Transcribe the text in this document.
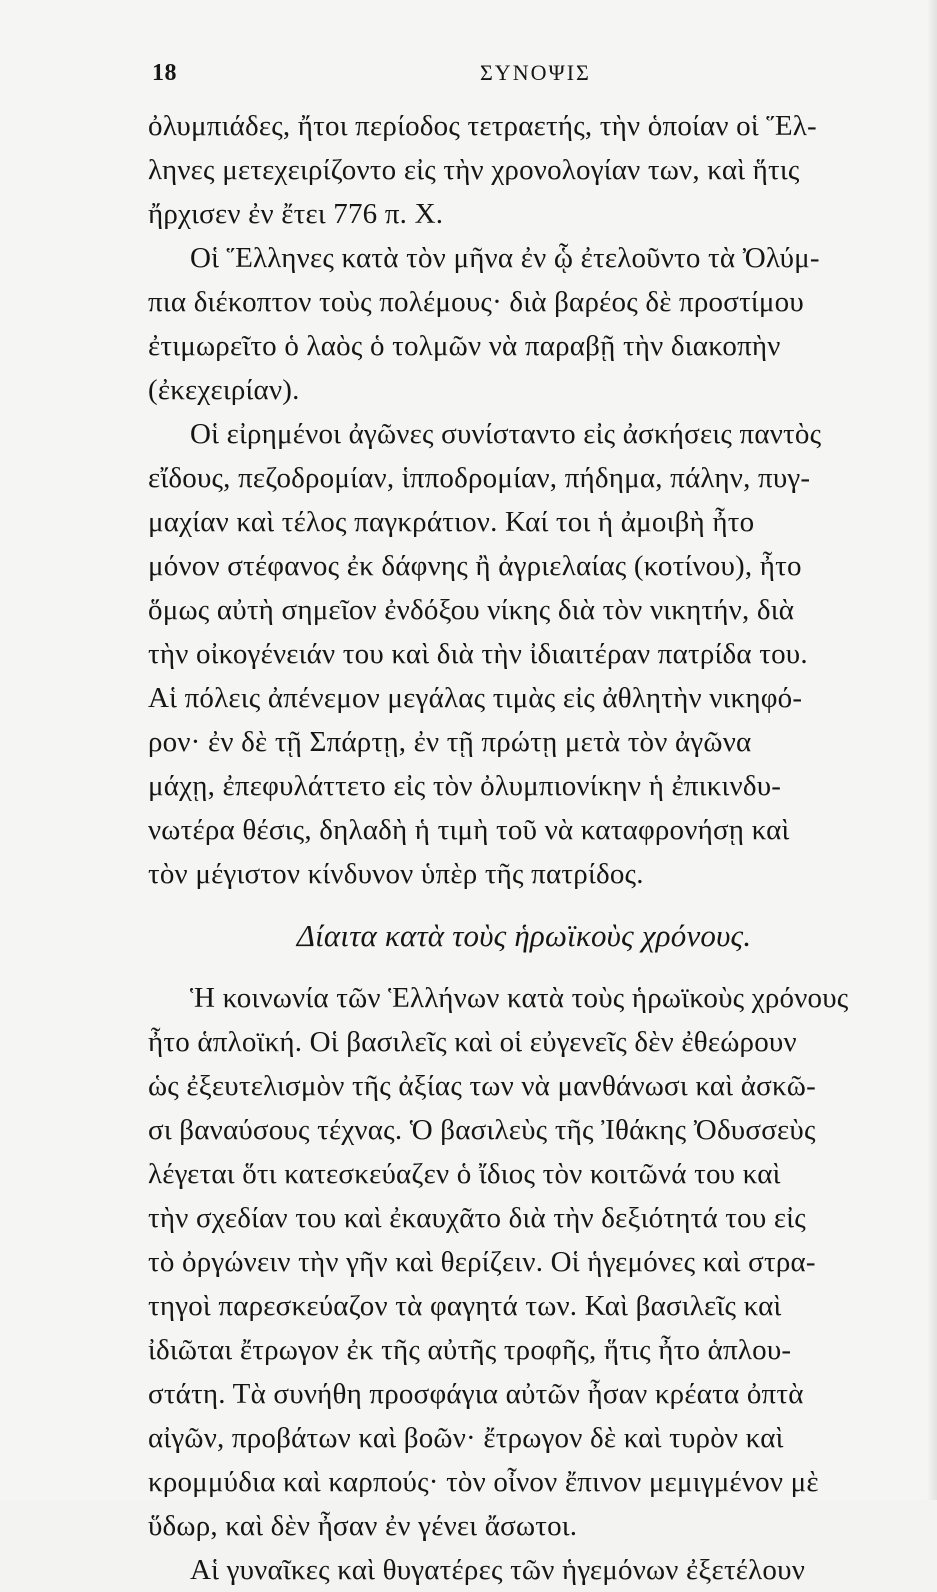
18	ΣΥΝΟΨΙΣ
ὀλυμπιάδες, ἤτοι περίοδος τετραετής, τὴν ὁποίαν οἱ Ἕλ-
ληνες μετεχειρίζοντο εἰς τὴν χρονολογίαν των, καὶ ἥτις
ἤρχισεν ἐν ἔτει 776 π. Χ.
Οἱ Ἕλληνες κατὰ τὸν μῆνα ἐν ᾧ ἐτελοῦντο τὰ Ὀλύμ-
πια διέκοπτον τοὺς πολέμους· διὰ βαρέος δὲ προστίμου
ἐτιμωρεῖτο ὁ λαὸς ὁ τολμῶν νὰ παραβῇ τὴν διακοπὴν
(ἐκεχειρίαν).
Οἱ εἰρημένοι ἀγῶνες συνίσταντο εἰς ἀσκήσεις παντὸς
εἴδους, πεζοδρομίαν, ἱπποδρομίαν, πήδημα, πάλην, πυγ-
μαχίαν καὶ τέλος παγκράτιον. Καί τοι ἡ ἀμοιβὴ ἦτο
μόνον στέφανος ἐκ δάφνης ἢ ἀγριελαίας (κοτίνου), ἦτο
ὅμως αὐτὴ σημεῖον ἐνδόξου νίκης διὰ τὸν νικητήν, διὰ
τὴν οἰκογένειάν του καὶ διὰ τὴν ἰδιαιτέραν πατρίδα του.
Αἱ πόλεις ἀπένεμον μεγάλας τιμὰς εἰς ἀθλητὴν νικηφό-
ρον· ἐν δὲ τῇ Σπάρτῃ, ἐν τῇ πρώτῃ μετὰ τὸν ἀγῶνα
μάχῃ, ἐπεφυλάττετο εἰς τὸν ὀλυμπιονίκην ἡ ἐπικινδυ-
νωτέρα θέσις, δηλαδὴ ἡ τιμὴ τοῦ νὰ καταφρονήσῃ καὶ
τὸν μέγιστον κίνδυνον ὑπὲρ τῆς πατρίδος.
Δίαιτα κατὰ τοὺς ἡρωϊκοὺς χρόνους.
Ἡ κοινωνία τῶν Ἑλλήνων κατὰ τοὺς ἡρωϊκοὺς χρόνους
ἦτο ἁπλοϊκή. Οἱ βασιλεῖς καὶ οἱ εὐγενεῖς δὲν ἐθεώρουν
ὡς ἐξευτελισμὸν τῆς ἀξίας των νὰ μανθάνωσι καὶ ἀσκῶ-
σι βαναύσους τέχνας. Ὁ βασιλεὺς τῆς Ἰθάκης Ὀδυσσεὺς
λέγεται ὅτι κατεσκεύαζεν ὁ ἴδιος τὸν κοιτῶνά του καὶ
τὴν σχεδίαν του καὶ ἐκαυχᾶτο διὰ τὴν δεξιότητά του εἰς
τὸ ὀργώνειν τὴν γῆν καὶ θερίζειν. Οἱ ἡγεμόνες καὶ στρα-
τηγοὶ παρεσκεύαζον τὰ φαγητά των. Καὶ βασιλεῖς καὶ
ἰδιῶται ἔτρωγον ἐκ τῆς αὐτῆς τροφῆς, ἥτις ἦτο ἁπλου-
στάτη. Τὰ συνήθη προσφάγια αὐτῶν ἦσαν κρέατα ὀπτὰ
αἰγῶν, προβάτων καὶ βοῶν· ἔτρωγον δὲ καὶ τυρὸν καὶ
κρομμύδια καὶ καρπούς· τὸν οἶνον ἔπινον μεμιγμένον μὲ
ὕδωρ, καὶ δὲν ἦσαν ἐν γένει ἄσωτοι.
Αἱ γυναῖκες καὶ θυγατέρες τῶν ἡγεμόνων ἐξετέλουν
